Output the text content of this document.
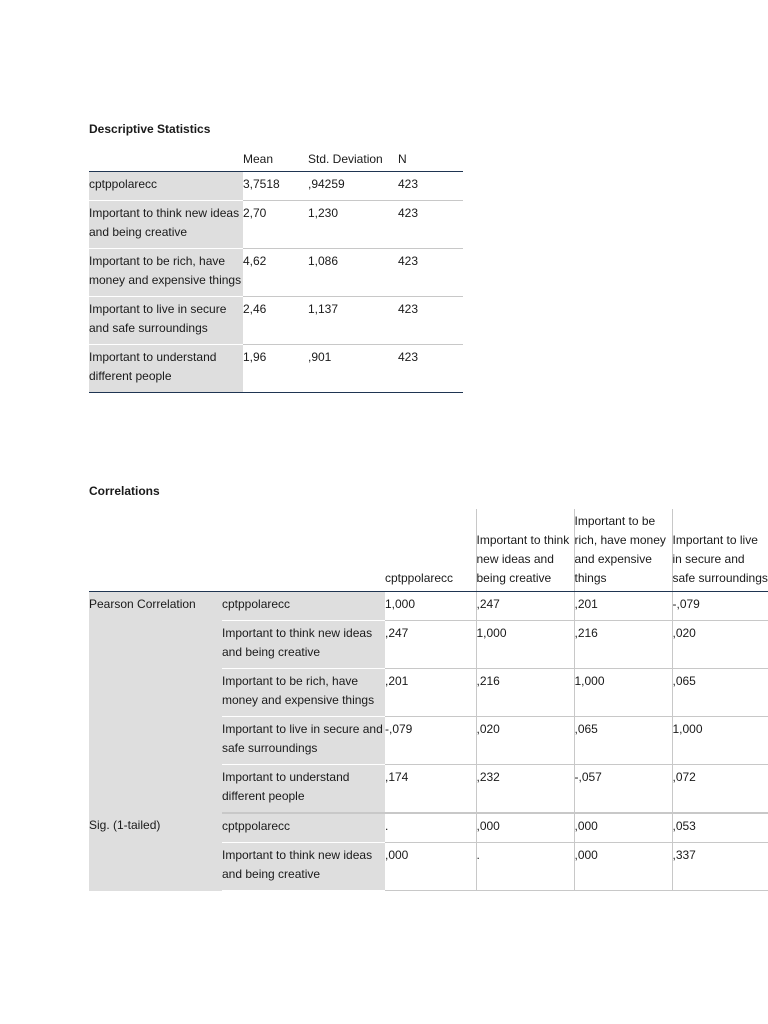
Descriptive Statistics
	Mean	Std. Deviation	N
cptppolarecc	3,7518	,94259	423
Important to think new ideas and being creative	2,70	1,230	423
Important to be rich, have money and expensive things	4,62	1,086	423
Important to live in secure and safe surroundings	2,46	1,137	423
Important to understand different people	1,96	,901	423
Correlations
		cptppolarecc	Important to think new ideas and being creative	Important to be rich, have money and expensive things	Important to live in secure and safe surroundings
Pearson Correlation	cptppolarecc	1,000	,247	,201	-,079
	Important to think new ideas and being creative	,247	1,000	,216	,020
	Important to be rich, have money and expensive things	,201	,216	1,000	,065
	Important to live in secure and safe surroundings	-,079	,020	,065	1,000
	Important to understand different people	,174	,232	-,057	,072
Sig. (1-tailed)	cptppolarecc	.	,000	,000	,053
	Important to think new ideas and being creative	,000	.	,000	,337
